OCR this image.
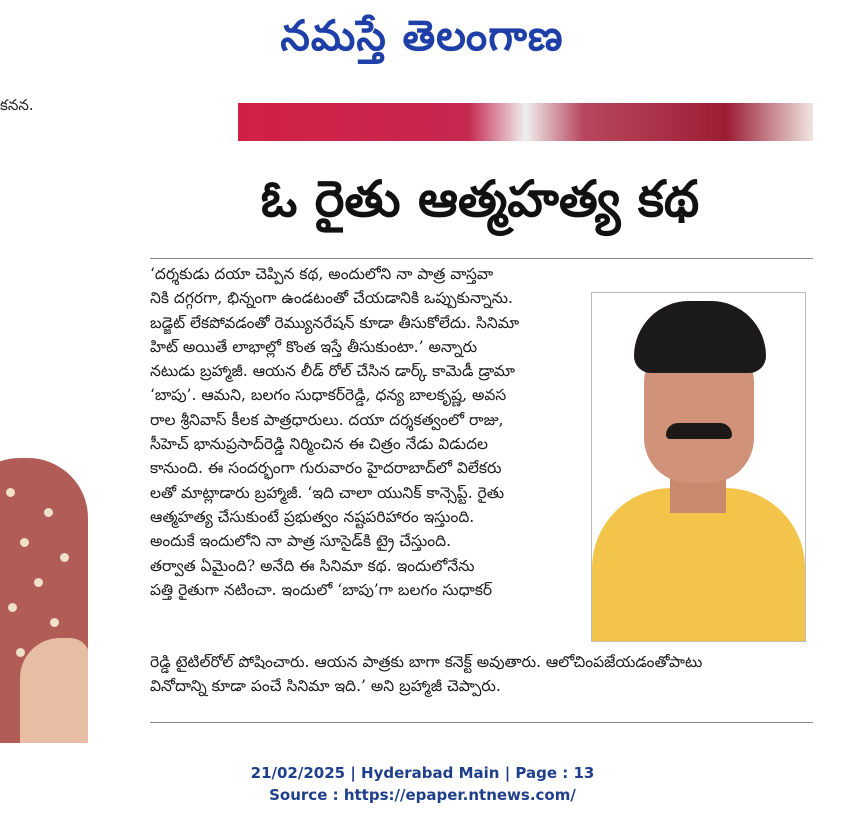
నమస్తే తెలంగాణ
కనన.
ఓ రైతు ఆత్మహత్య కథ
‘దర్శకుడు దయా చెప్పిన కథ, అందులోని నా పాత్ర వాస్తవా
నికి దగ్గరగా, భిన్నంగా ఉండటంతో చేయడానికి ఒప్పుకున్నాను.
బడ్జెట్ లేకపోవడంతో రెమ్యునరేషన్ కూడా తీసుకోలేదు. సినిమా
హిట్ అయితే లాభాల్లో కొంత ఇస్తే తీసుకుంటా.’ అన్నారు
నటుడు బ్రహ్మాజీ. ఆయన లీడ్ రోల్ చేసిన డార్క్ కామెడీ డ్రామా
‘బాపు’. ఆమని, బలగం సుధాకర్‌రెడ్డి, ధన్య బాలకృష్ణ, అవస
రాల శ్రీనివాస్ కీలక పాత్రధారులు. దయా దర్శకత్వంలో రాజు,
సీహెచ్ భానుప్రసాద్‌రెడ్డి నిర్మించిన ఈ చిత్రం నేడు విడుదల
కానుంది. ఈ సందర్భంగా గురువారం హైదరాబాద్‌లో విలేకరు
లతో మాట్లాడారు బ్రహ్మాజీ. ‘ఇది చాలా యునిక్ కాన్సెప్ట్. రైతు
ఆత్మహత్య చేసుకుంటే ప్రభుత్వం నష్టపరిహారం ఇస్తుంది.
అందుకే ఇందులోని నా పాత్ర సూసైడ్‌కి ట్రై చేస్తుంది.
తర్వాత ఏమైంది? అనేది ఈ సినిమా కథ. ఇందులోనేను
పత్తి రైతుగా నటించా. ఇందులో ‘బాపు’గా బలగం సుధాకర్
రెడ్డి టైటిల్‌రోల్ పోషించారు. ఆయన పాత్రకు బాగా కనెక్ట్ అవుతారు. ఆలోచింపజేయడంతోపాటు
వినోదాన్ని కూడా పంచే సినిమా ఇది.’ అని బ్రహ్మాజీ చెప్పారు.
21/02/2025 | Hyderabad Main | Page : 13
Source : https://epaper.ntnews.com/
